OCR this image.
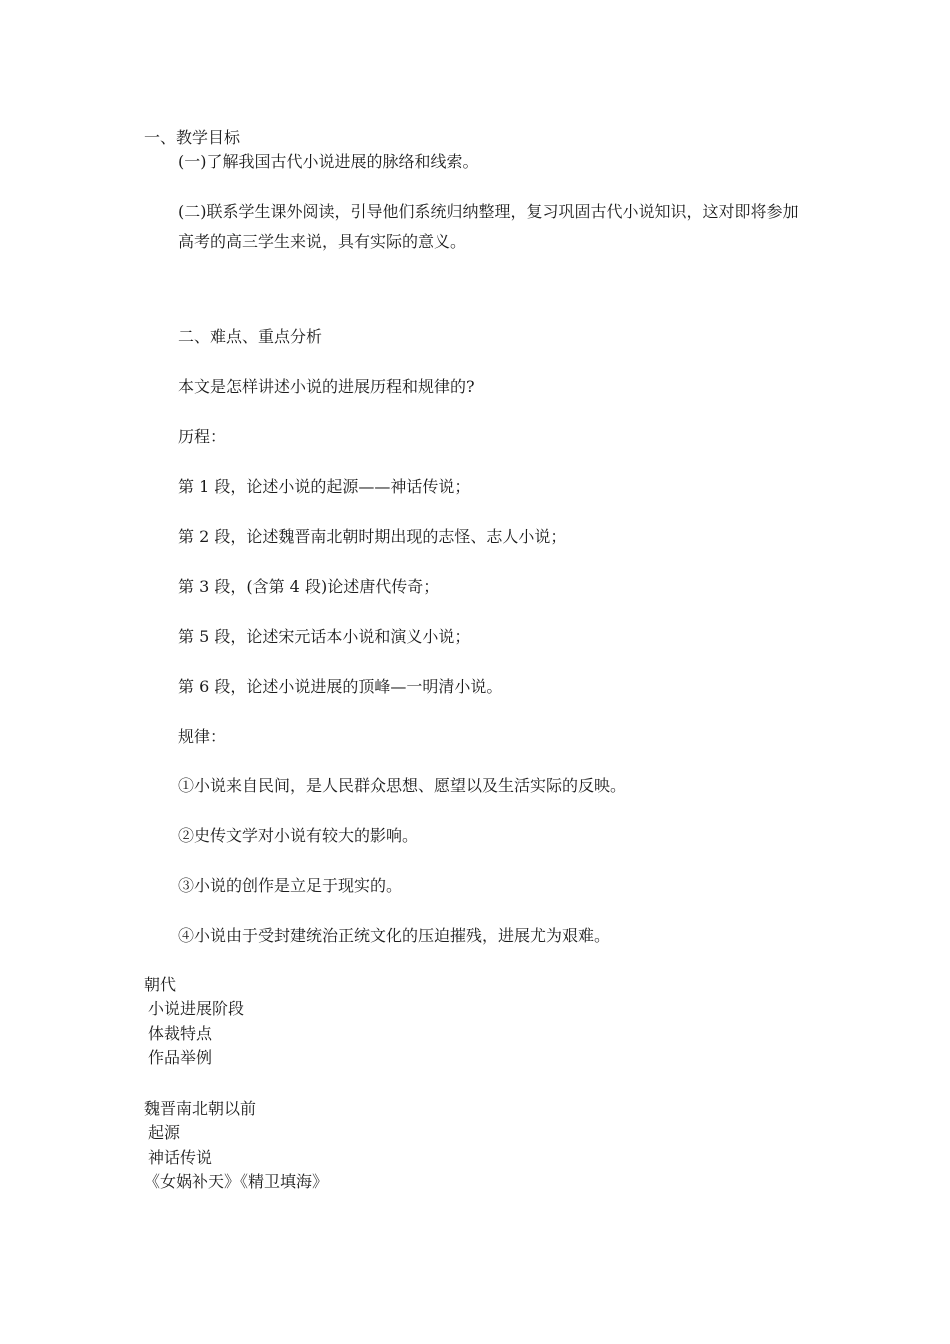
一、教学目标
(一)了解我国古代小说进展的脉络和线索。
(二)联系学生课外阅读，引导他们系统归纳整理，复习巩固古代小说知识，这对即将参加高考的高三学生来说，具有实际的意义。
二、难点、重点分析
本文是怎样讲述小说的进展历程和规律的?
历程：
第 1 段，论述小说的起源——神话传说；
第 2 段，论述魏晋南北朝时期出现的志怪、志人小说；
第 3 段，(含第 4 段)论述唐代传奇；
第 5 段，论述宋元话本小说和演义小说；
第 6 段，论述小说进展的顶峰—一明清小说。
规律：
①小说来自民间，是人民群众思想、愿望以及生活实际的反映。
②史传文学对小说有较大的影响。
③小说的创作是立足于现实的。
④小说由于受封建统治正统文化的压迫摧残，进展尤为艰难。
朝代
小说进展阶段
体裁特点
作品举例
魏晋南北朝以前
起源
神话传说
《女娲补天》《精卫填海》
